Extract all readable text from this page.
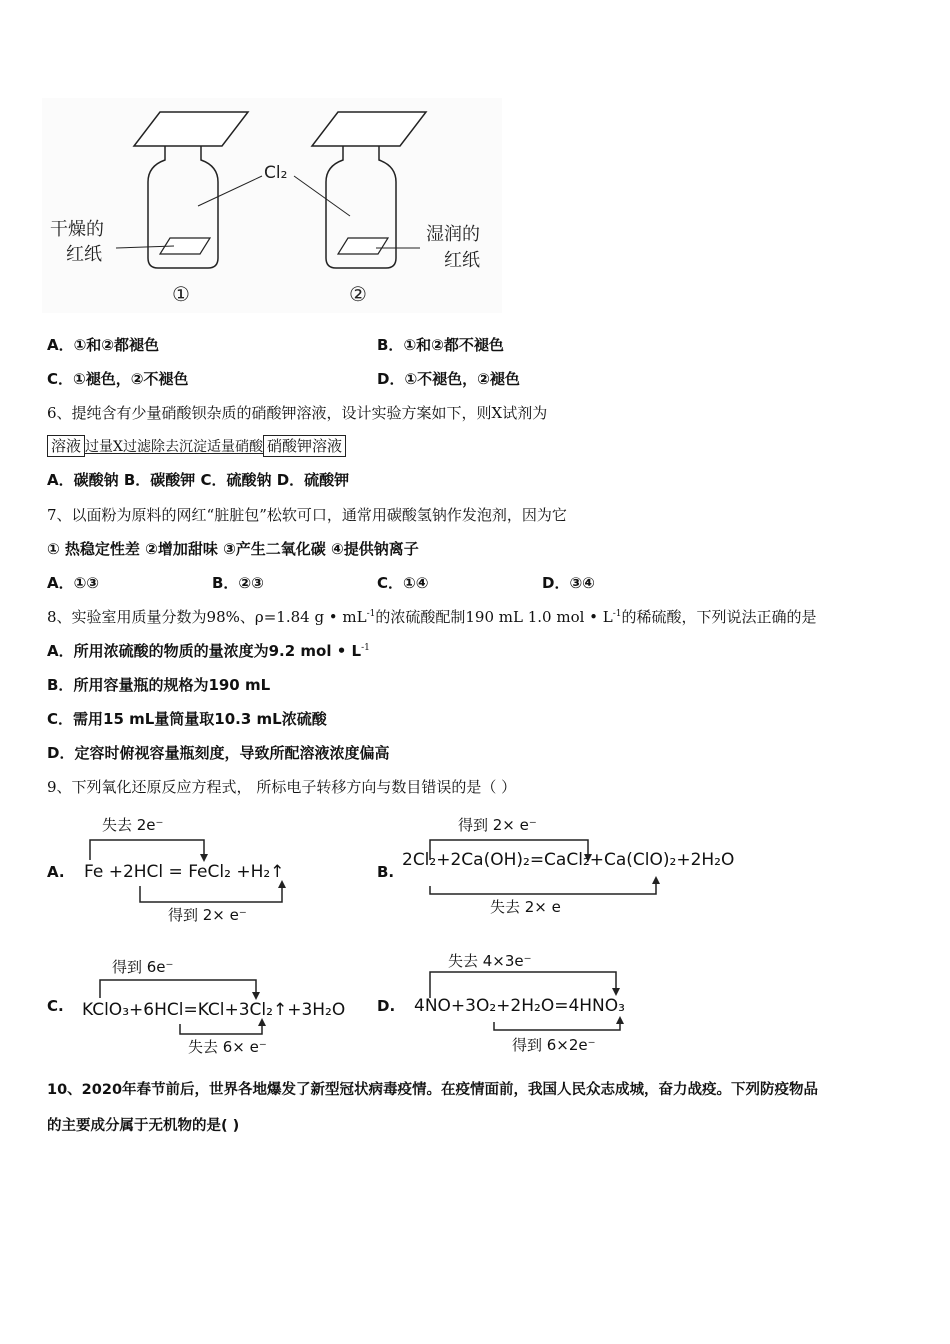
Cl₂
干燥的
红纸
湿润的
红纸
①	②
A．①和②都褪色	B．①和②都不褪色
C．①褪色，②不褪色	D．①不褪色，②褪色
6、提纯含有少量硝酸钡杂质的硝酸钾溶液，设计实验方案如下，则X试剂为
溶液 过量X 过滤 除去沉淀 适量硝酸 硝酸钾溶液
A．碳酸钠 B．碳酸钾 C．硫酸钠 D．硫酸钾
7、以面粉为原料的网红“脏脏包”松软可口，通常用碳酸氢钠作发泡剂，因为它
① 热稳定性差 ②增加甜味 ③产生二氧化碳 ④提供钠离子
A．①③	B．②③	C．①④	D．③④
8、实验室用质量分数为98%、ρ=1.84 g • $mL^{-1}$的浓硫酸配制190 mL 1.0 mol • $L^{-1}$的稀硫酸，下列说法正确的是
A．所用浓硫酸的物质的量浓度为9.2 mol • $L^{-1}$
B．所用容量瓶的规格为190 mL
C．需用15 mL量筒量取10.3 mL浓硫酸
D．定容时俯视容量瓶刻度，导致所配溶液浓度偏高
9、下列氧化还原反应方程式， 所标电子转移方向与数目错误的是（ ）
A.
失去 2e⁻
Fe +2HCl = FeCl₂ +H₂↑
得到 2× e⁻
B.
得到 2× e⁻
2Cl₂+2Ca(OH)₂=CaCl₂+Ca(ClO)₂+2H₂O
失去 2× e
C.
得到 6e⁻
KClO₃+6HCl=KCl+3Cl₂↑+3H₂O
失去 6× e⁻
D.
失去 4×3e⁻
4NO+3O₂+2H₂O=4HNO₃
得到 6×2e⁻
10、2020年春节前后，世界各地爆发了新型冠状病毒疫情。在疫情面前，我国人民众志成城，奋力战疫。下列防疫物品
的主要成分属于无机物的是( )
